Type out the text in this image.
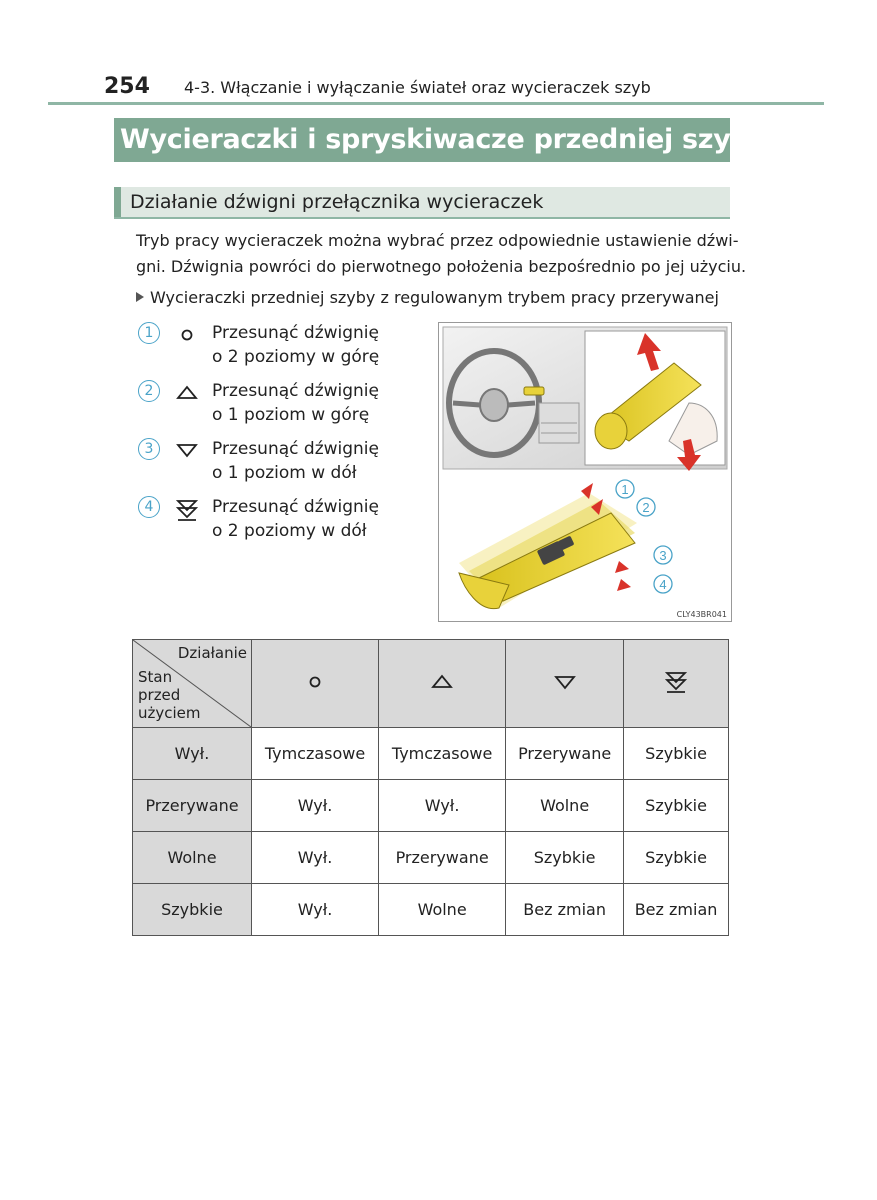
254 4-3. Włączanie i wyłączanie świateł oraz wycieraczek szyb
Wycieraczki i spryskiwacze przedniej szyby
Działanie dźwigni przełącznika wycieraczek
Tryb pracy wycieraczek można wybrać przez odpowiednie ustawienie dźwi-
gni. Dźwignia powróci do pierwotnego położenia bezpośrednio po jej użyciu.
Wycieraczki przedniej szyby z regulowanym trybem pracy przerywanej
1	Przesunąć dźwignię
o 2 poziomy w górę
2	Przesunąć dźwignię
o 1 poziom w górę
3	Przesunąć dźwignię
o 1 poziom w dół
4	Przesunąć dźwignię
o 2 poziomy w dół
1
2
3
4
CLY43BR041
Działanie
Stan
przed
użyciem

Wył.	Tymczasowe	Tymczasowe	Przerywane	Szybkie
Przerywane	Wył.	Wył.	Wolne	Szybkie
Wolne	Wył.	Przerywane	Szybkie	Szybkie
Szybkie	Wył.	Wolne	Bez zmian	Bez zmian
